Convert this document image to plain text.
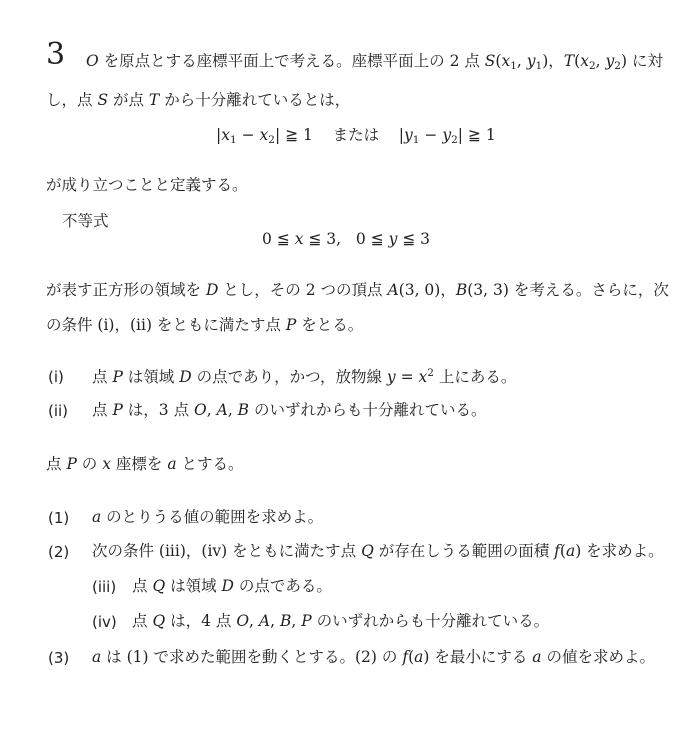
3 O を原点とする座標平面上で考える。座標平面上の 2 点 $S(x_1$, $y_1$)，$T(x_2$, $y_2$) に対
し，点 S が点 T から十分離れているとは，
$|x_1 - x_2|$ ≧ 1    または    $|y_1 - y_2|$ ≧ 1
が成り立つことと定義する。
不等式
0 ≦ x ≦ 3,   0 ≦ y ≦ 3
が表す正方形の領域を D とし，その 2 つの頂点 A(3, 0)，B(3, 3) を考える。さらに，次
の条件 (i)，(ii) をともに満たす点 P をとる。
(i) 点 P は領域 D の点であり，かつ，放物線 $y = x^2$ 上にある。
(ii) 点 P は，3 点 O, A, B のいずれからも十分離れている。
点 P の x 座標を a とする。
(1) a のとりうる値の範囲を求めよ。
(2) 次の条件 (iii)，(iv) をともに満たす点 Q が存在しうる範囲の面積 f(a) を求めよ。
(iii) 点 Q は領域 D の点である。
(iv) 点 Q は，4 点 O, A, B, P のいずれからも十分離れている。
(3) a は (1) で求めた範囲を動くとする。(2) の f(a) を最小にする a の値を求めよ。
